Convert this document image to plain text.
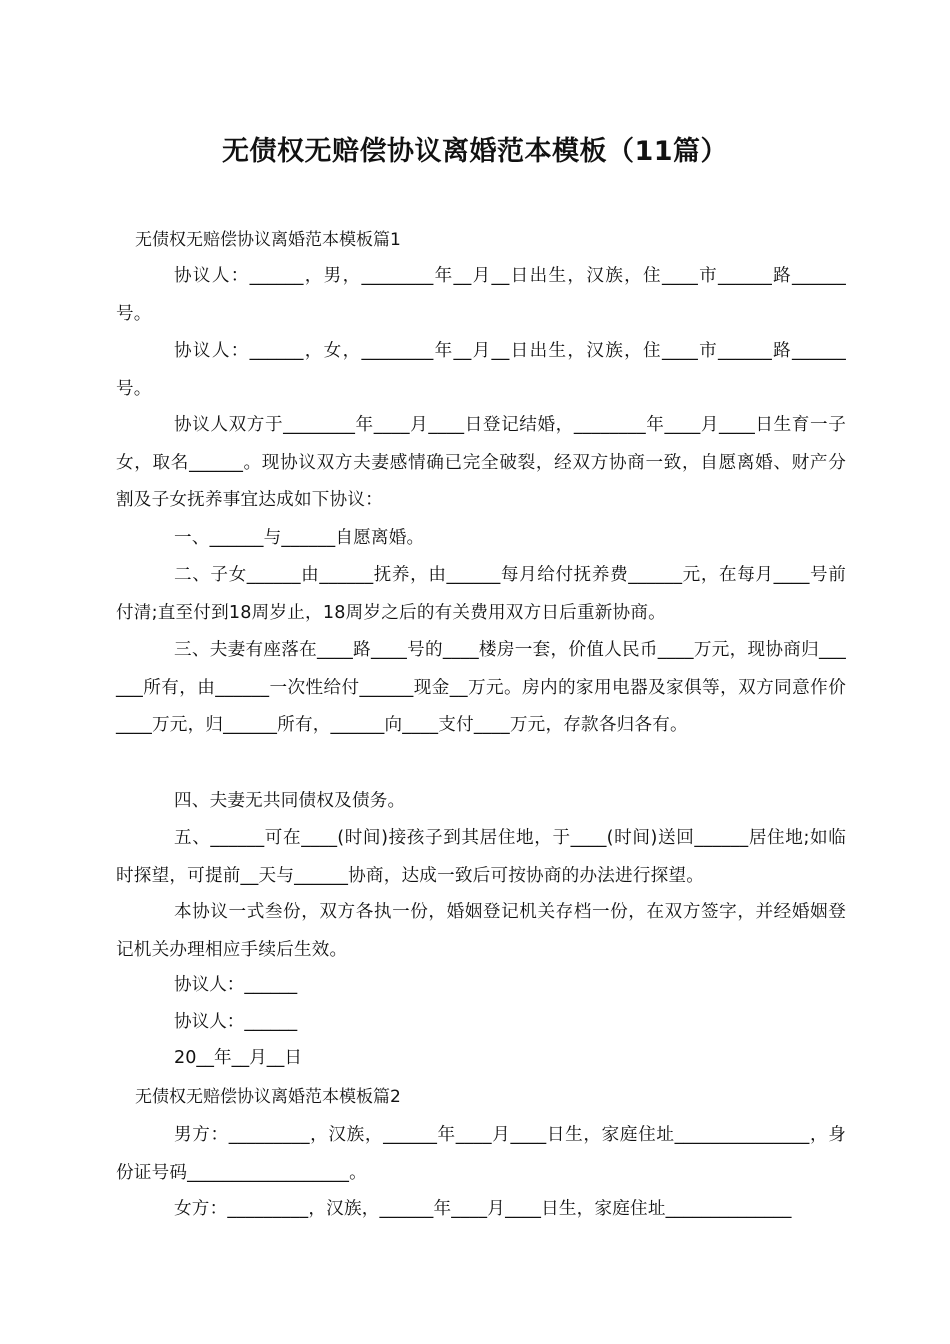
无债权无赔偿协议离婚范本模板（11篇）
无债权无赔偿协议离婚范本模板篇1

协议人：______，男，________年__月__日出生，汉族，住____市______路______号。

协议人：______，女，________年__月__日出生，汉族，住____市______路______号。

协议人双方于________年____月____日登记结婚，________年____月____日生育一子女，取名______。现协议双方夫妻感情确已完全破裂，经双方协商一致，自愿离婚、财产分割及子女抚养事宜达成如下协议：

一、______与______自愿离婚。

二、子女______由______抚养，由______每月给付抚养费______元，在每月____号前付清;直至付到18周岁止，18周岁之后的有关费用双方日后重新协商。

三、夫妻有座落在____路____号的____楼房一套，价值人民币____万元，现协商归______所有，由______一次性给付______现金__万元。房内的家用电器及家俱等，双方同意作价____万元，归______所有，______向____支付____万元，存款各归各有。

四、夫妻无共同债权及债务。

五、______可在____(时间)接孩子到其居住地，于____(时间)送回______居住地;如临时探望，可提前__天与______协商，达成一致后可按协商的办法进行探望。

本协议一式叁份，双方各执一份，婚姻登记机关存档一份，在双方签字，并经婚姻登记机关办理相应手续后生效。

协议人：______
协议人：______
20__年__月__日
无债权无赔偿协议离婚范本模板篇2

男方：_________，汉族，______年____月____日生，家庭住址_______________，身份证号码__________________。

女方：_________，汉族，______年____月____日生，家庭住址______________
